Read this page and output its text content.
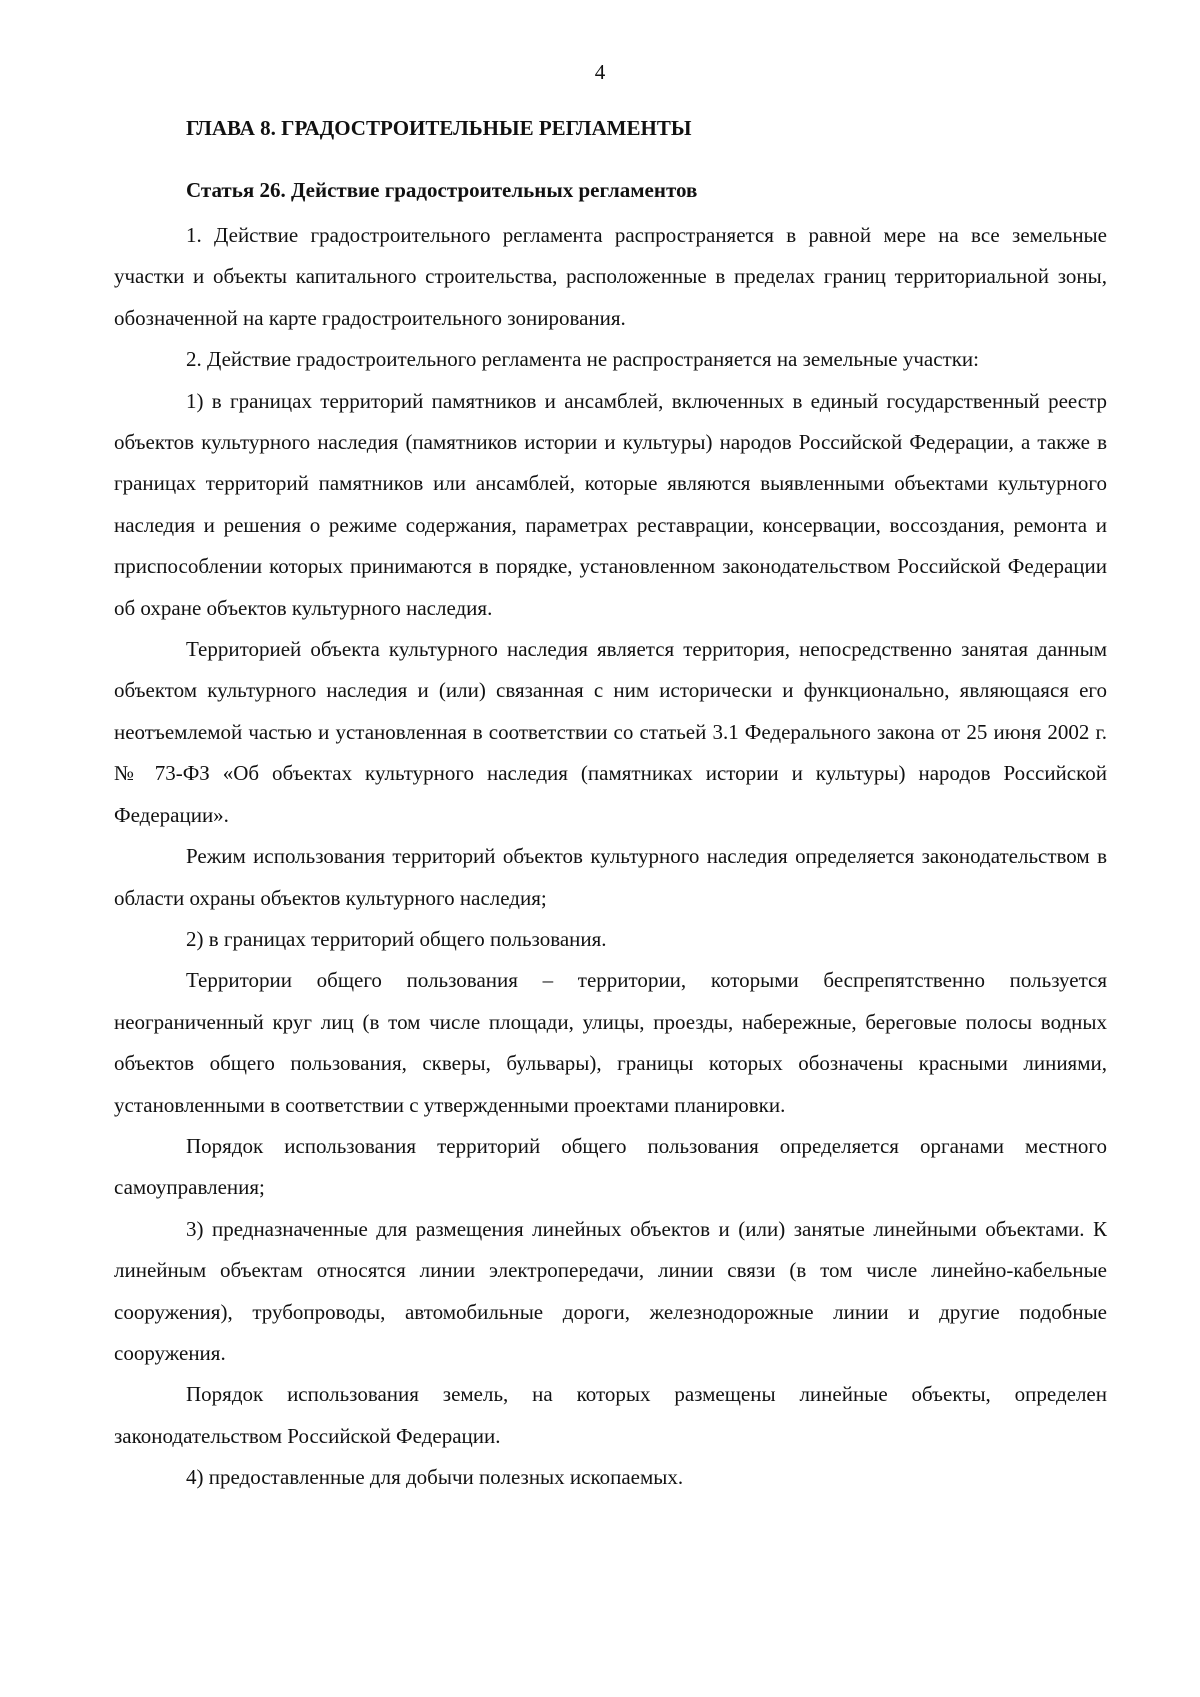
4
ГЛАВА 8. ГРАДОСТРОИТЕЛЬНЫЕ РЕГЛАМЕНТЫ
Статья 26. Действие градостроительных регламентов

1. Действие градостроительного регламента распространяется в равной мере на все земельные участки и объекты капитального строительства, расположенные в пределах границ территориальной зоны, обозначенной на карте градостроительного зонирования.

2. Действие градостроительного регламента не распространяется на земельные участки:

1) в границах территорий памятников и ансамблей, включенных в единый государственный реестр объектов культурного наследия (памятников истории и культуры) народов Российской Федерации, а также в границах территорий памятников или ансамблей, которые являются выявленными объектами культурного наследия и решения о режиме содержания, параметрах реставрации, консервации, воссоздания, ремонта и приспособлении которых принимаются в порядке, установленном законодательством Российской Федерации об охране объектов культурного наследия.

Территорией объекта культурного наследия является территория, непосредственно занятая данным объектом культурного наследия и (или) связанная с ним исторически и функционально, являющаяся его неотъемлемой частью и установленная в соответствии со статьей 3.1 Федерального закона от 25 июня 2002 г. № 73-ФЗ «Об объектах культурного наследия (памятниках истории и культуры) народов Российской Федерации».

Режим использования территорий объектов культурного наследия определяется законодательством в области охраны объектов культурного наследия;

2) в границах территорий общего пользования.

Территории общего пользования – территории, которыми беспрепятственно пользуется неограниченный круг лиц (в том числе площади, улицы, проезды, набережные, береговые полосы водных объектов общего пользования, скверы, бульвары), границы которых обозначены красными линиями, установленными в соответствии с утвержденными проектами планировки.

Порядок использования территорий общего пользования определяется органами местного самоуправления;

3) предназначенные для размещения линейных объектов и (или) занятые линейными объектами. К линейным объектам относятся линии электропередачи, линии связи (в том числе линейно-кабельные сооружения), трубопроводы, автомобильные дороги, железнодорожные линии и другие подобные сооружения.

Порядок использования земель, на которых размещены линейные объекты, определен законодательством Российской Федерации.

4) предоставленные для добычи полезных ископаемых.
